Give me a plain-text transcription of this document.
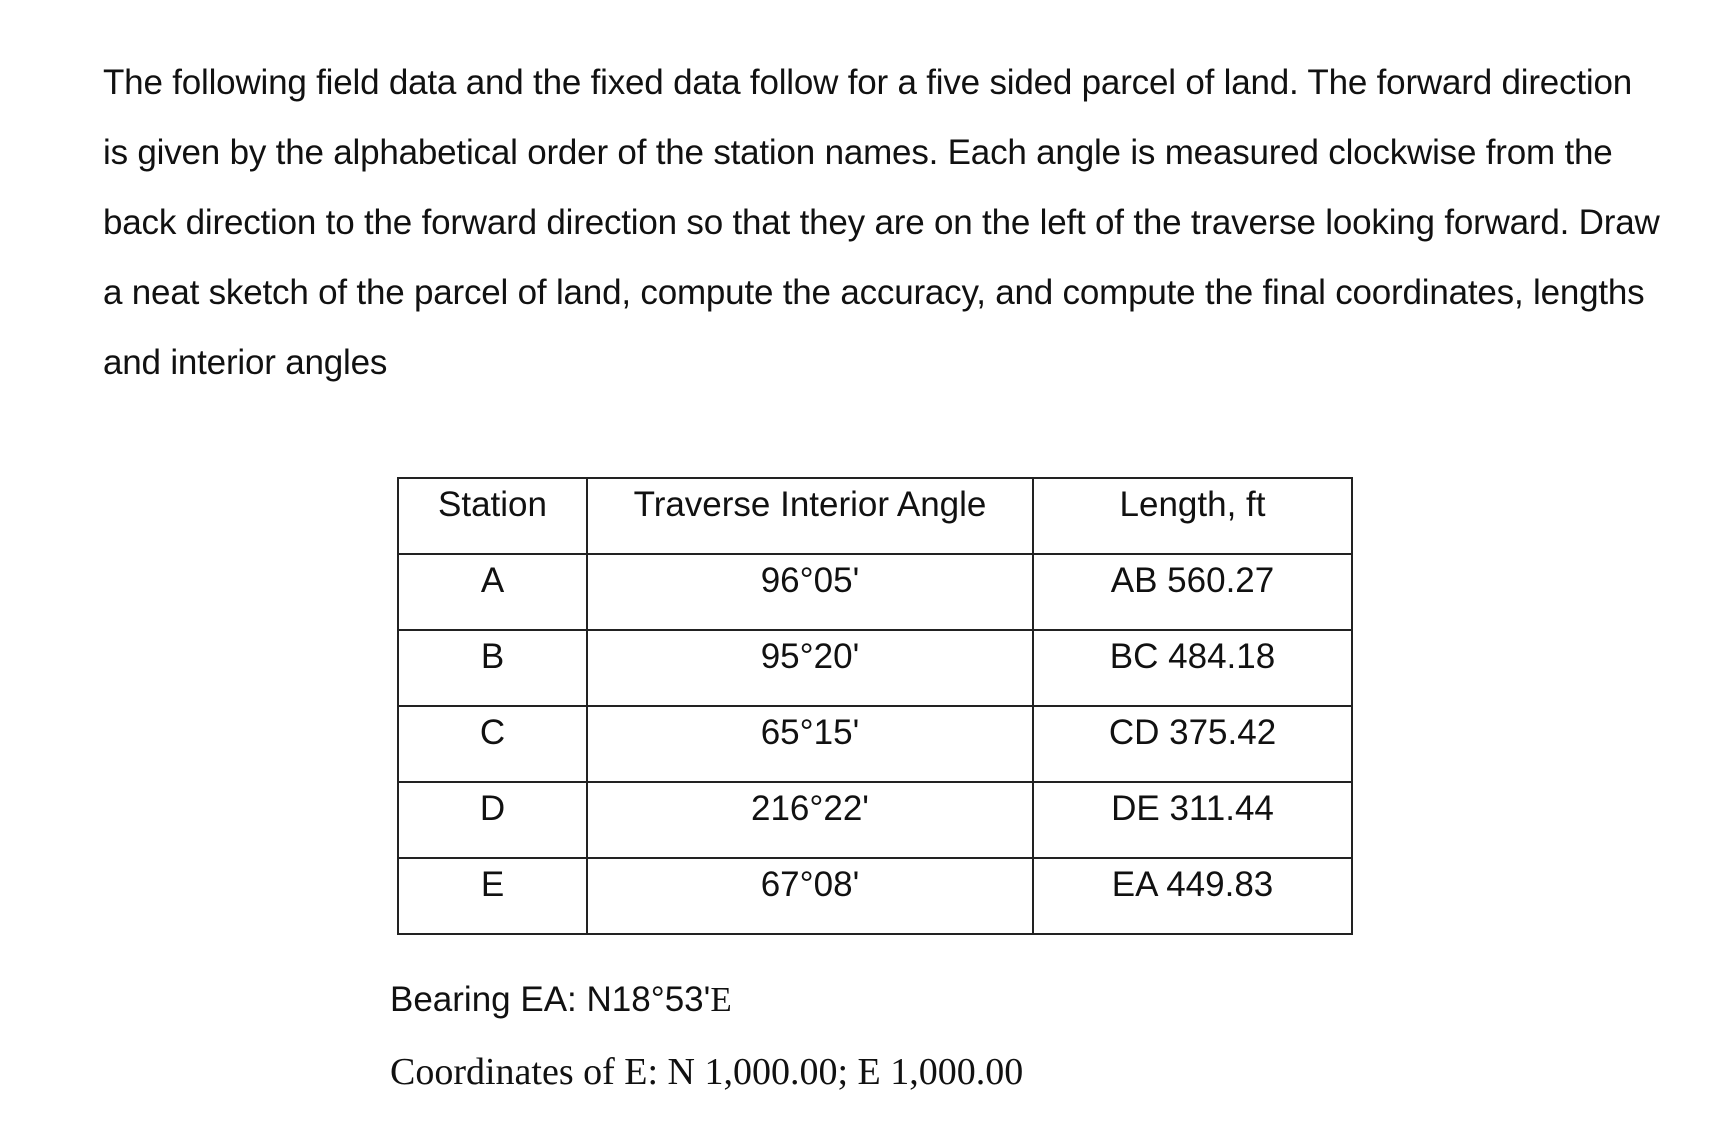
The following field data and the fixed data follow for a five sided parcel of land. The forward direction is given by the alphabetical order of the station names. Each angle is measured clockwise from the back direction to the forward direction so that they are on the left of the traverse looking forward. Draw a neat sketch of the parcel of land, compute the accuracy, and compute the final coordinates, lengths and interior angles

Station	Traverse Interior Angle	Length, ft
A	96°05'	AB 560.27
B	95°20'	BC 484.18
C	65°15'	CD 375.42
D	216°22'	DE 311.44
E	67°08'	EA 449.83

Bearing EA: N18°53'E

Coordinates of E: N 1,000.00; E 1,000.00
